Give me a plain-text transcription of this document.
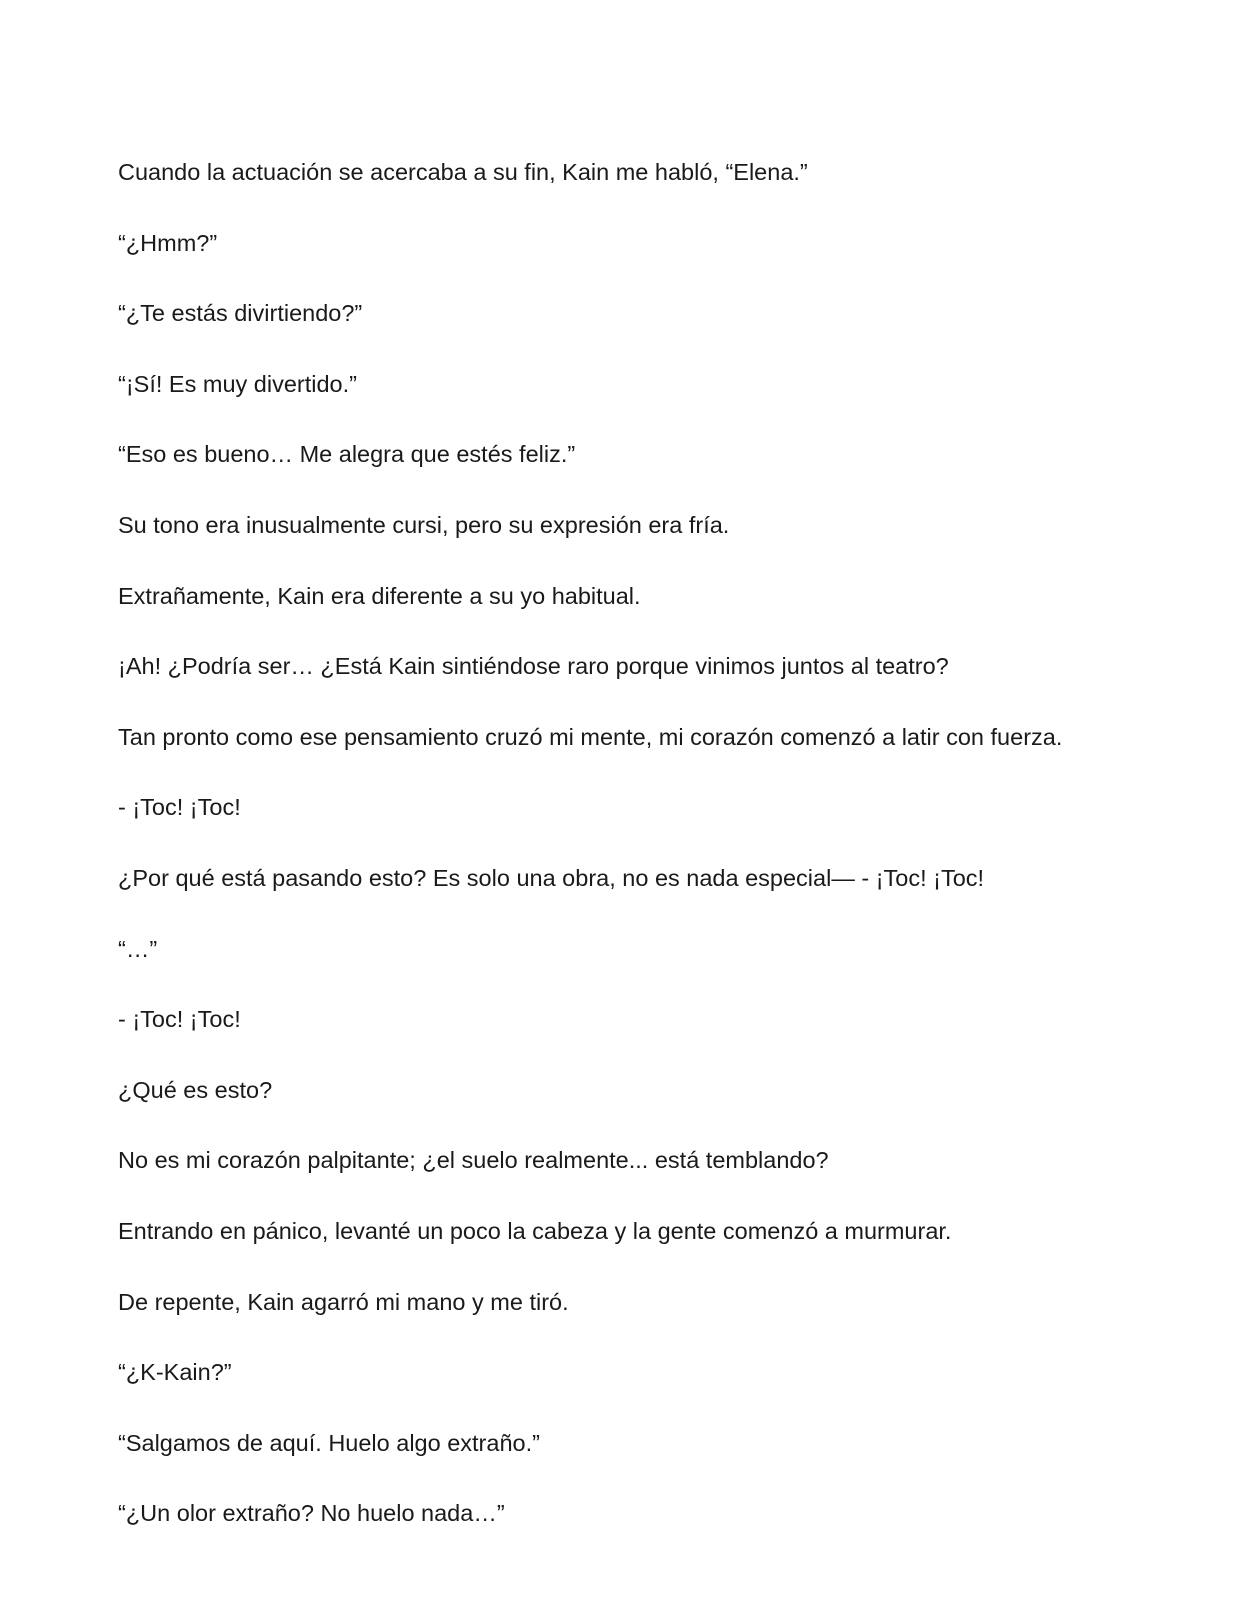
Cuando la actuación se acercaba a su fin, Kain me habló, “Elena.”

“¿Hmm?”

“¿Te estás divirtiendo?”

“¡Sí! Es muy divertido.”

“Eso es bueno… Me alegra que estés feliz.”

Su tono era inusualmente cursi, pero su expresión era fría.

Extrañamente, Kain era diferente a su yo habitual.

¡Ah! ¿Podría ser… ¿Está Kain sintiéndose raro porque vinimos juntos al teatro?

Tan pronto como ese pensamiento cruzó mi mente, mi corazón comenzó a latir con fuerza.

- ¡Toc! ¡Toc!

¿Por qué está pasando esto? Es solo una obra, no es nada especial— - ¡Toc! ¡Toc!

“…”

- ¡Toc! ¡Toc!

¿Qué es esto?

No es mi corazón palpitante; ¿el suelo realmente... está temblando?

Entrando en pánico, levanté un poco la cabeza y la gente comenzó a murmurar.

De repente, Kain agarró mi mano y me tiró.

“¿K-Kain?”

“Salgamos de aquí. Huelo algo extraño.”

“¿Un olor extraño? No huelo nada…”
